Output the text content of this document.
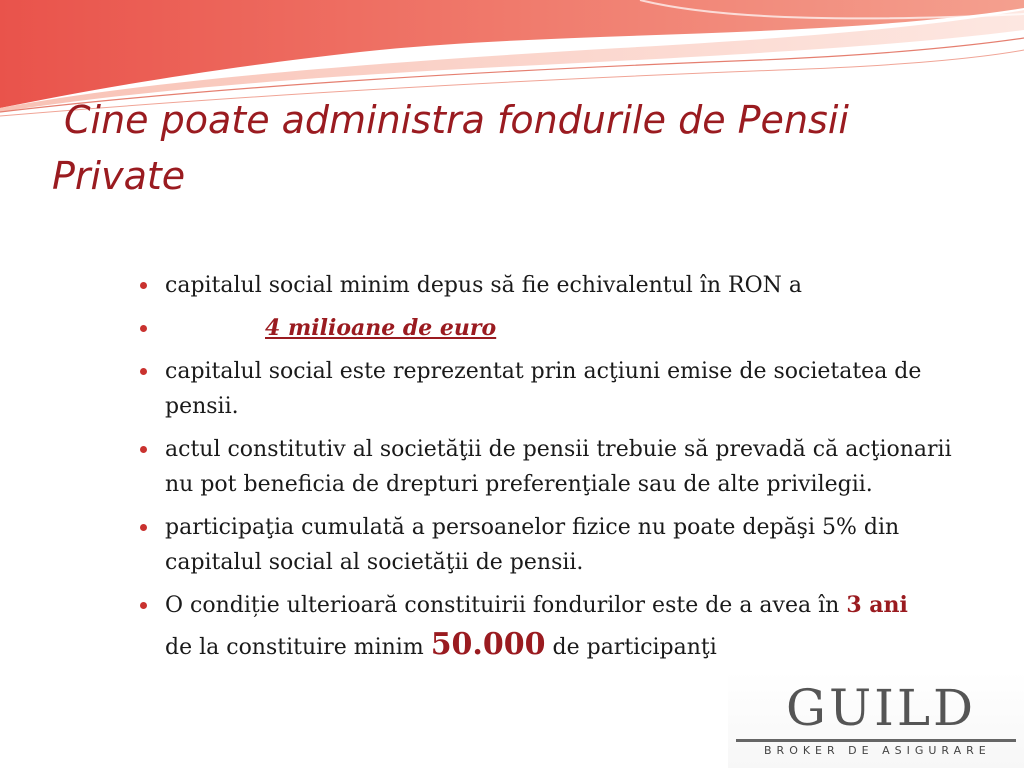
Cine poate administra fondurile de Pensii
Private
capitalul social minim depus să fie echivalentul în RON a
4 milioane de euro
capitalul social este reprezentat prin acţiuni emise de societatea de pensii.
actul constitutiv al societăţii de pensii trebuie să prevadă că acţionarii nu pot beneficia de drepturi preferenţiale sau de alte privilegii.
participaţia cumulată a persoanelor fizice nu poate depăşi 5% din capitalul social al societăţii de pensii.
O condiție ulterioară constituirii fondurilor este de a avea în 3 ani
de la constituire minim 50.000 de participanţi
GUILD
BROKER DE ASIGURARE
